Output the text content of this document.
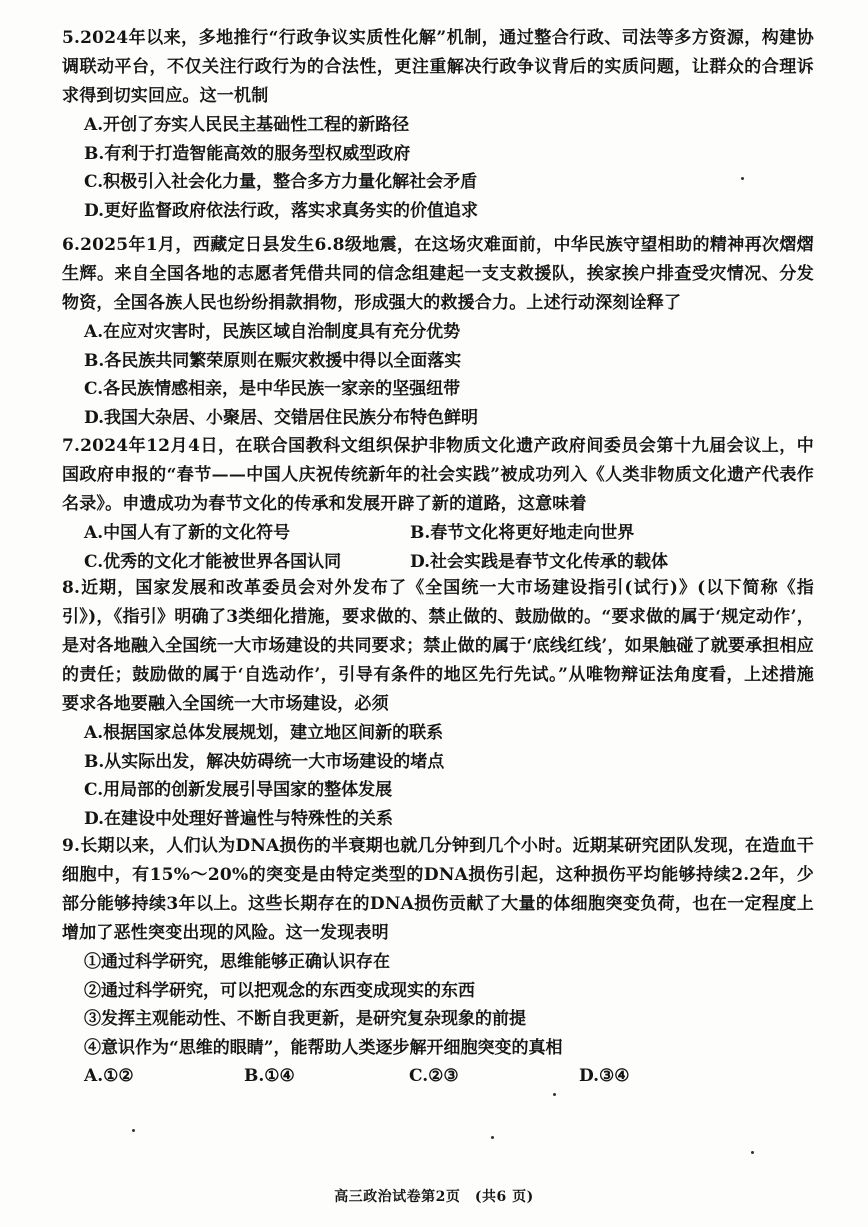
5.2024年以来，多地推行“行政争议实质性化解”机制，通过整合行政、司法等多方资源，构建协调联动平台，不仅关注行政行为的合法性，更注重解决行政争议背后的实质问题，让群众的合理诉求得到切实回应。这一机制
A.开创了夯实人民民主基础性工程的新路径
B.有利于打造智能高效的服务型权威型政府
C.积极引入社会化力量，整合多方力量化解社会矛盾
D.更好监督政府依法行政，落实求真务实的价值追求
6.2025年1月，西藏定日县发生6.8级地震，在这场灾难面前，中华民族守望相助的精神再次熠熠生辉。来自全国各地的志愿者凭借共同的信念组建起一支支救援队，挨家挨户排查受灾情况、分发物资，全国各族人民也纷纷捐款捐物，形成强大的救援合力。上述行动深刻诠释了
A.在应对灾害时，民族区域自治制度具有充分优势
B.各民族共同繁荣原则在赈灾救援中得以全面落实
C.各民族情感相亲，是中华民族一家亲的坚强纽带
D.我国大杂居、小聚居、交错居住民族分布特色鲜明
7.2024年12月4日，在联合国教科文组织保护非物质文化遗产政府间委员会第十九届会议上，中国政府申报的“春节——中国人庆祝传统新年的社会实践”被成功列入《人类非物质文化遗产代表作名录》。申遗成功为春节文化的传承和发展开辟了新的道路，这意味着
A.中国人有了新的文化符号	B.春节文化将更好地走向世界
C.优秀的文化才能被世界各国认同	D.社会实践是春节文化传承的载体
8.近期，国家发展和改革委员会对外发布了《全国统一大市场建设指引(试行)》(以下简称《指引》)，《指引》明确了3类细化措施，要求做的、禁止做的、鼓励做的。“要求做的属于‘规定动作’，是对各地融入全国统一大市场建设的共同要求；禁止做的属于‘底线红线’，如果触碰了就要承担相应的责任；鼓励做的属于‘自选动作’，引导有条件的地区先行先试。”从唯物辩证法角度看，上述措施要求各地要融入全国统一大市场建设，必须
A.根据国家总体发展规划，建立地区间新的联系
B.从实际出发，解决妨碍统一大市场建设的堵点
C.用局部的创新发展引导国家的整体发展
D.在建设中处理好普遍性与特殊性的关系
9.长期以来，人们认为DNA损伤的半衰期也就几分钟到几个小时。近期某研究团队发现，在造血干细胞中，有15%～20%的突变是由特定类型的DNA损伤引起，这种损伤平均能够持续2.2年，少部分能够持续3年以上。这些长期存在的DNA损伤贡献了大量的体细胞突变负荷，也在一定程度上增加了恶性突变出现的风险。这一发现表明
①通过科学研究，思维能够正确认识存在
②通过科学研究，可以把观念的东西变成现实的东西
③发挥主观能动性、不断自我更新，是研究复杂现象的前提
④意识作为“思维的眼睛”，能帮助人类逐步解开细胞突变的真相
A.①②	B.①④	C.②③	D.③④
高三政治试卷第2页　(共6 页)
